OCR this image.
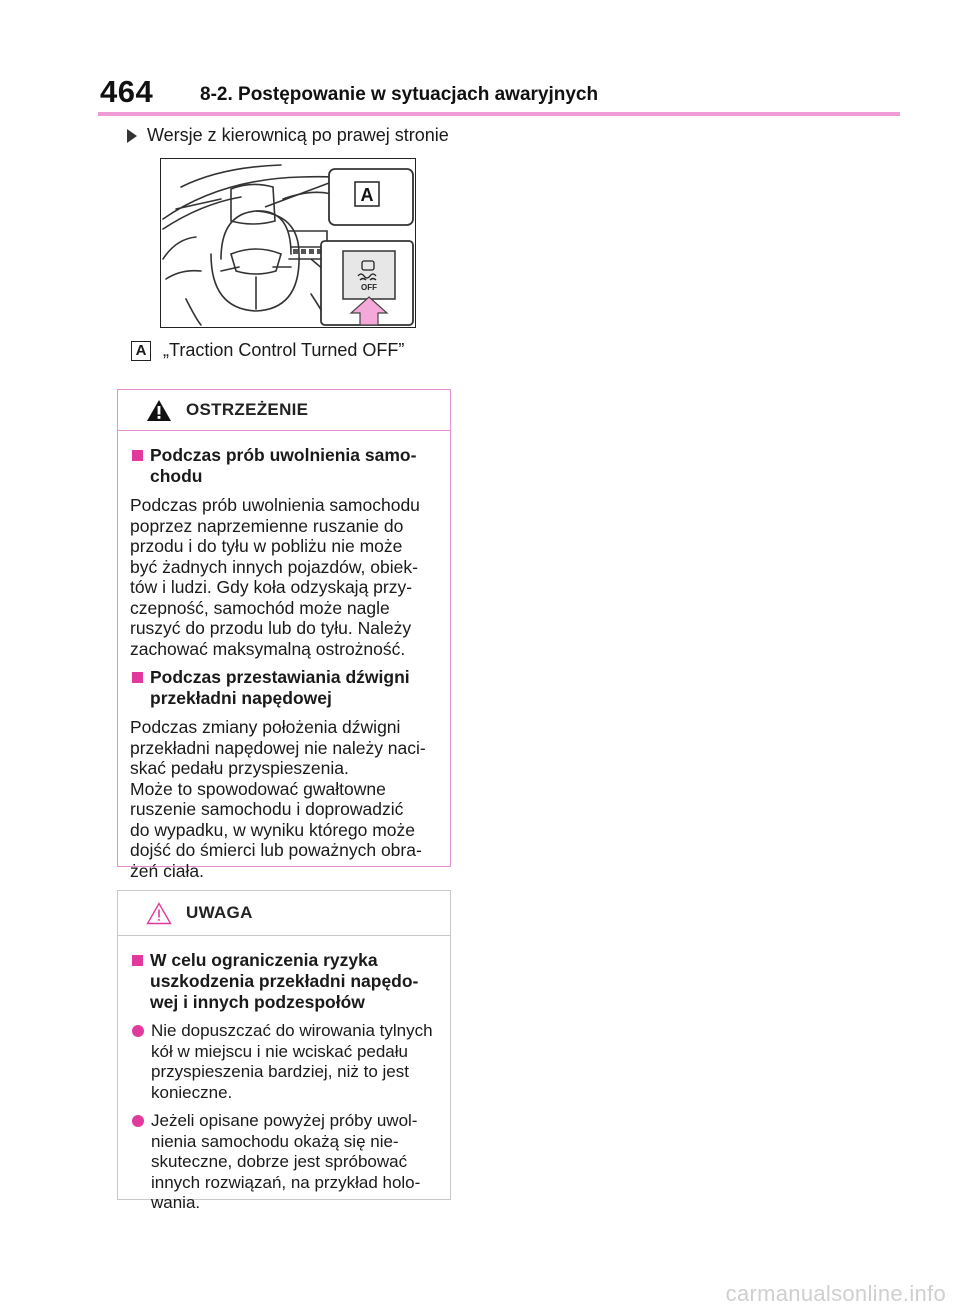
464 8-2. Postępowanie w sytuacjach awaryjnych
Wersje z kierownicą po prawej stronie
A
OFF
A „Traction Control Turned OFF”
OSTRZEŻENIE
Podczas prób uwolnienia samo-
chodu
Podczas prób uwolnienia samochodu
poprzez naprzemienne ruszanie do
przodu i do tyłu w pobliżu nie może
być żadnych innych pojazdów, obiek-
tów i ludzi. Gdy koła odzyskają przy-
czepność, samochód może nagle
ruszyć do przodu lub do tyłu. Należy
zachować maksymalną ostrożność.
Podczas przestawiania dźwigni
przekładni napędowej
Podczas zmiany położenia dźwigni
przekładni napędowej nie należy naci-
skać pedału przyspieszenia.
Może to spowodować gwałtowne
ruszenie samochodu i doprowadzić
do wypadku, w wyniku którego może
dojść do śmierci lub poważnych obra-
żeń ciała.
UWAGA
W celu ograniczenia ryzyka
uszkodzenia przekładni napędo-
wej i innych podzespołów
Nie dopuszczać do wirowania tylnych
kół w miejscu i nie wciskać pedału
przyspieszenia bardziej, niż to jest
konieczne.
Jeżeli opisane powyżej próby uwol-
nienia samochodu okażą się nie-
skuteczne, dobrze jest spróbować
innych rozwiązań, na przykład holo-
wania.
carmanualsonline.info
